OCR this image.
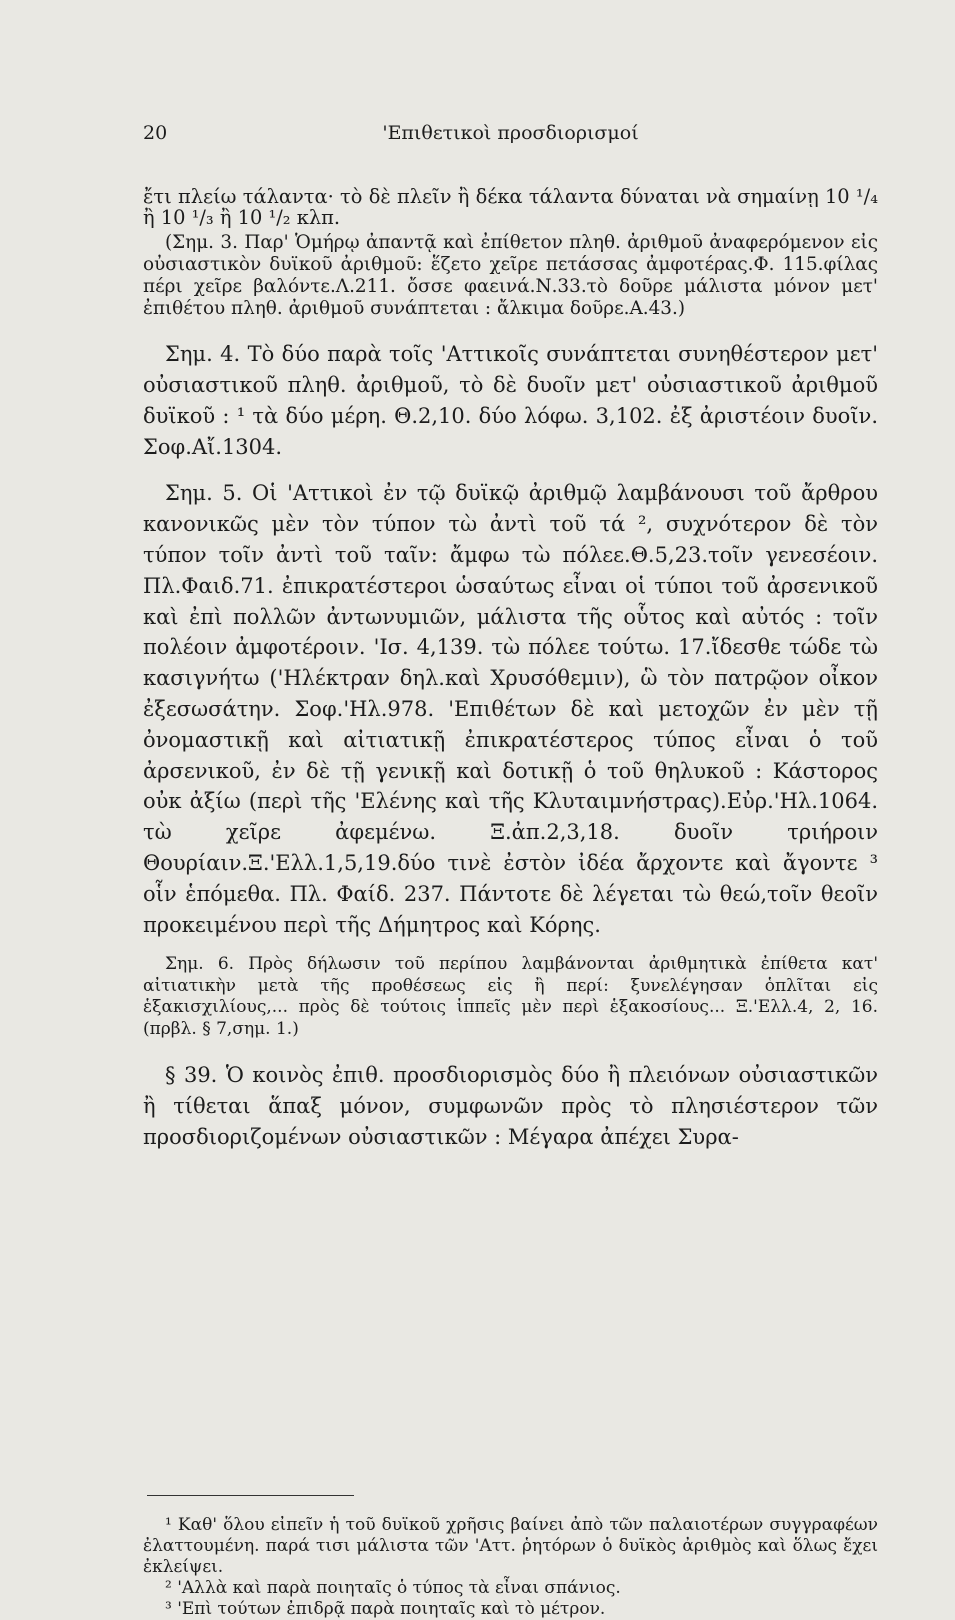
20	'Επιθετικοὶ προσδιορισμοί

ἔτι πλείω τάλαντα· τὸ δὲ πλεῖν ἢ δέκα τάλαντα δύναται νὰ σημαίνῃ 10 ¹/₄ ἢ 10 ¹/₃ ἢ 10 ¹/₂ κλπ.

(Σημ. 3. Παρ' Ὁμήρῳ ἀπαντᾷ καὶ ἐπίθετον πληθ. ἀριθμοῦ ἀναφερόμενον εἰς οὐσιαστικὸν δυϊκοῦ ἀριθμοῦ: ἕζετο χεῖρε πετάσσας ἀμφοτέρας.Φ. 115.φίλας πέρι χεῖρε βαλόντε.Λ.211. ὄσσε φαεινά.Ν.33.τὸ δοῦρε μάλιστα μόνον μετ' ἐπιθέτου πληθ. ἀριθμοῦ συνάπτεται : ἄλκιμα δοῦρε.Α.43.)

Σημ. 4. Τὸ δύο παρὰ τοῖς 'Αττικοῖς συνάπτεται συνηθέστερον μετ' οὐσιαστικοῦ πληθ. ἀριθμοῦ, τὸ δὲ δυοῖν μετ' οὐσιαστικοῦ ἀριθμοῦ δυϊκοῦ : ¹ τὰ δύο μέρη. Θ.2,10. δύο λόφω. 3,102. ἐξ ἀριστέοιν δυοῖν. Σοφ.Αἴ.1304.

Σημ. 5. Οἱ 'Αττικοὶ ἐν τῷ δυϊκῷ ἀριθμῷ λαμβάνουσι τοῦ ἄρθρου κανονικῶς μὲν τὸν τύπον τὼ ἀντὶ τοῦ τά ², συχνότερον δὲ τὸν τύπον τοῖν ἀντὶ τοῦ ταῖν: ἄμφω τὼ πόλεε.Θ.5,23.τοῖν γενεσέοιν. Πλ.Φαιδ.71. ἐπικρατέστεροι ὡσαύτως εἶναι οἱ τύποι τοῦ ἀρσενικοῦ καὶ ἐπὶ πολλῶν ἀντωνυμιῶν, μάλιστα τῆς οὗτος καὶ αὐτός : τοῖν πολέοιν ἀμφοτέροιν. 'Ισ. 4,139. τὼ πόλεε τούτω. 17.ἴδεσθε τώδε τὼ κασιγνήτω ('Ηλέκτραν δηλ.καὶ Χρυσόθεμιν), ὣ τὸν πατρῷον οἶκον ἐξεσωσάτην. Σοφ.'Ηλ.978. 'Επιθέτων δὲ καὶ μετοχῶν ἐν μὲν τῇ ὀνομαστικῇ καὶ αἰτιατικῇ ἐπικρατέστερος τύπος εἶναι ὁ τοῦ ἀρσενικοῦ, ἐν δὲ τῇ γενικῇ καὶ δοτικῇ ὁ τοῦ θηλυκοῦ : Κάστορος οὐκ ἀξίω (περὶ τῆς 'Ελένης καὶ τῆς Κλυταιμνήστρας).Εὐρ.'Ηλ.1064. τὼ χεῖρε ἀφεμένω. Ξ.ἀπ.2,3,18. δυοῖν τριήροιν Θουρίαιν.Ξ.'Ελλ.1,5,19.δύο τινὲ ἐστὸν ἰδέα ἄρχοντε καὶ ἄγοντε ³ οἷν ἑπόμεθα. Πλ. Φαίδ. 237. Πάντοτε δὲ λέγεται τὼ θεώ,τοῖν θεοῖν προκειμένου περὶ τῆς Δήμητρος καὶ Κόρης.

Σημ. 6. Πρὸς δήλωσιν τοῦ περίπου λαμβάνονται ἀριθμητικὰ ἐπίθετα κατ' αἰτιατικὴν μετὰ τῆς προθέσεως εἰς ἢ περί: ξυνελέγησαν ὁπλῖται εἰς ἑξακισχιλίους,... πρὸς δὲ τούτοις ἱππεῖς μὲν περὶ ἑξακοσίους... Ξ.'Ελλ.4, 2, 16. (πρβλ. § 7,σημ. 1.)

§ 39. Ὁ κοινὸς ἐπιθ. προσδιορισμὸς δύο ἢ πλειόνων οὐσιαστικῶν ἢ τίθεται ἅπαξ μόνον, συμφωνῶν πρὸς τὸ πλησιέστερον τῶν προσδιοριζομένων οὐσιαστικῶν : Μέγαρα ἀπέχει Συρα-

¹ Καθ' ὅλου εἰπεῖν ἡ τοῦ δυϊκοῦ χρῆσις βαίνει ἀπὸ τῶν παλαιοτέρων συγγραφέων ἐλαττουμένη. παρά τισι μάλιστα τῶν 'Αττ. ῥητόρων ὁ δυϊκὸς ἀριθμὸς καὶ ὅλως ἔχει ἐκλείψει.

² 'Αλλὰ καὶ παρὰ ποιηταῖς ὁ τύπος τὰ εἶναι σπάνιος.

³ 'Επὶ τούτων ἐπιδρᾷ παρὰ ποιηταῖς καὶ τὸ μέτρον.
